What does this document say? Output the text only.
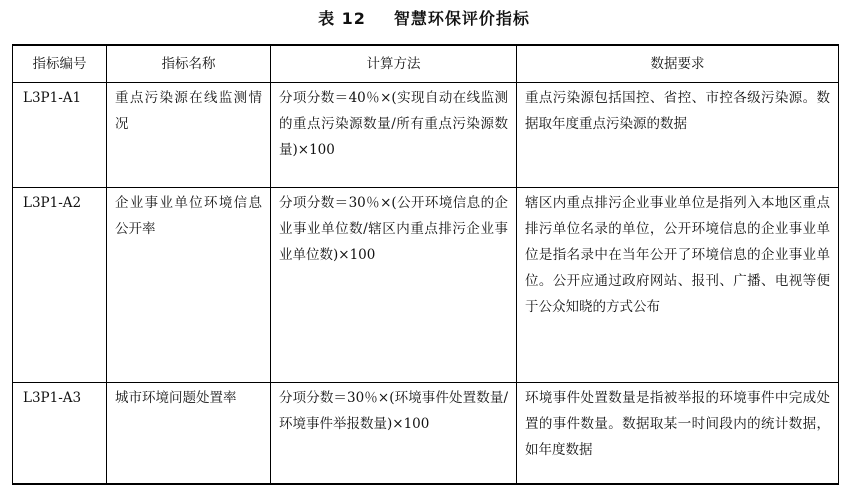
表 12 智慧环保评价指标
指标编号	指标名称	计算方法	数据要求
L3P1-A1	重点污染源在线监测情况	分项分数＝40％×(实现自动在线监测的重点污染源数量/所有重点污染源数量)×100	重点污染源包括国控、省控、市控各级污染源。数据取年度重点污染源的数据
L3P1-A2	企业事业单位环境信息公开率	分项分数＝30％×(公开环境信息的企业事业单位数/辖区内重点排污企业事业单位数)×100	辖区内重点排污企业事业单位是指列入本地区重点排污单位名录的单位，公开环境信息的企业事业单位是指名录中在当年公开了环境信息的企业事业单位。公开应通过政府网站、报刊、广播、电视等便于公众知晓的方式公布
L3P1-A3	城市环境问题处置率	分项分数＝30％×(环境事件处置数量/环境事件举报数量)×100	环境事件处置数量是指被举报的环境事件中完成处置的事件数量。数据取某一时间段内的统计数据，如年度数据
